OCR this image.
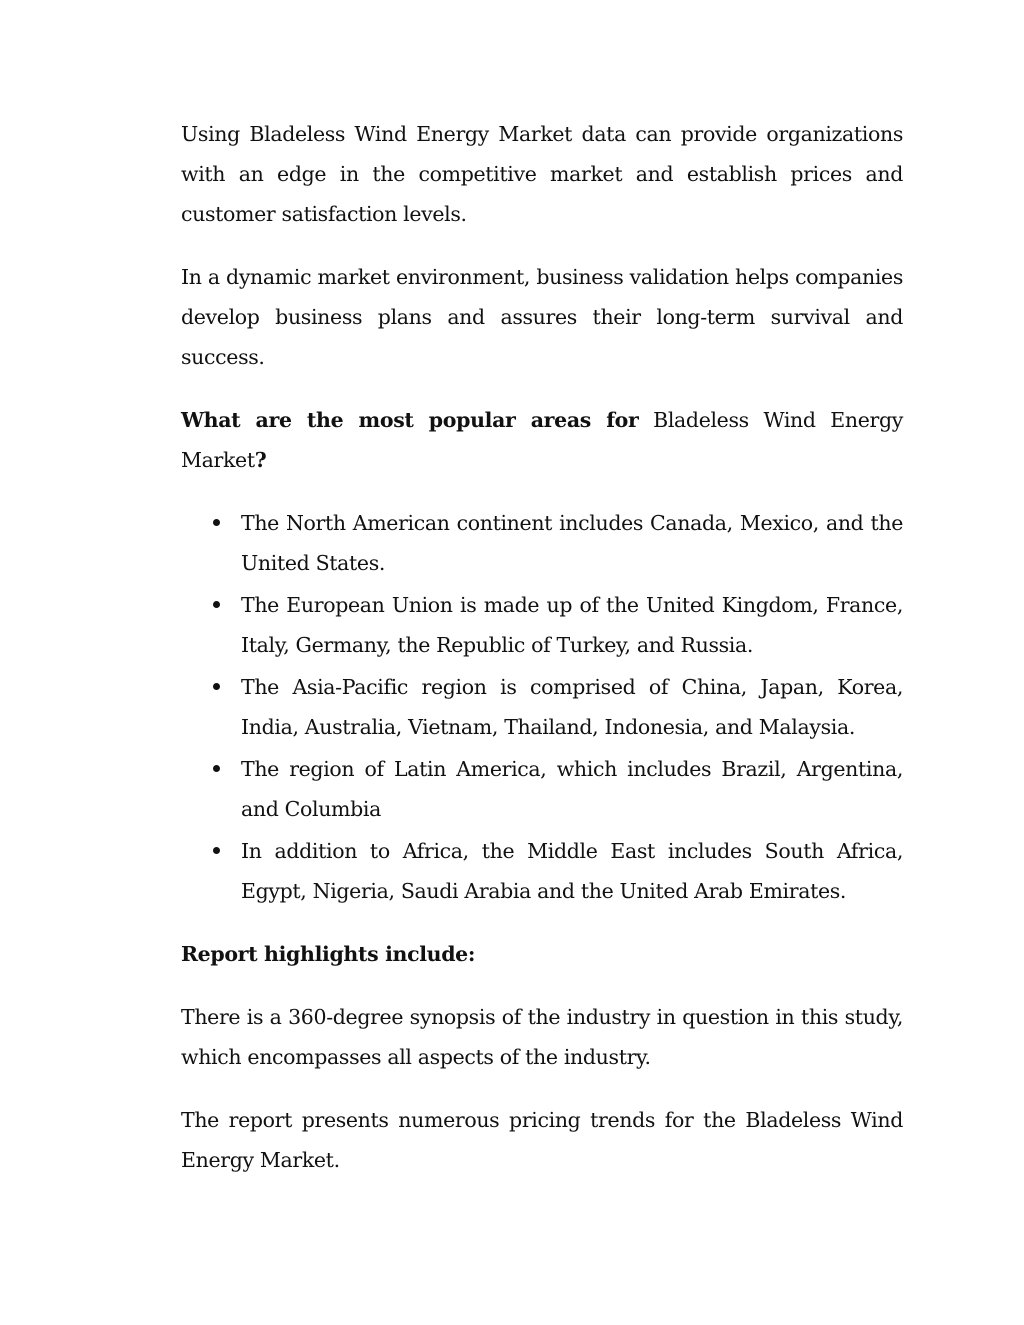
Using Bladeless Wind Energy Market data can provide organizations with an edge in the competitive market and establish prices and customer satisfaction levels.

In a dynamic market environment, business validation helps companies develop business plans and assures their long-term survival and success.

What are the most popular areas for Bladeless Wind Energy Market?

The North American continent includes Canada, Mexico, and the United States.
The European Union is made up of the United Kingdom, France, Italy, Germany, the Republic of Turkey, and Russia.
The Asia-Pacific region is comprised of China, Japan, Korea, India, Australia, Vietnam, Thailand, Indonesia, and Malaysia.
The region of Latin America, which includes Brazil, Argentina, and Columbia
In addition to Africa, the Middle East includes South Africa, Egypt, Nigeria, Saudi Arabia and the United Arab Emirates.

Report highlights include:

There is a 360-degree synopsis of the industry in question in this study, which encompasses all aspects of the industry.

The report presents numerous pricing trends for the Bladeless Wind Energy Market.
